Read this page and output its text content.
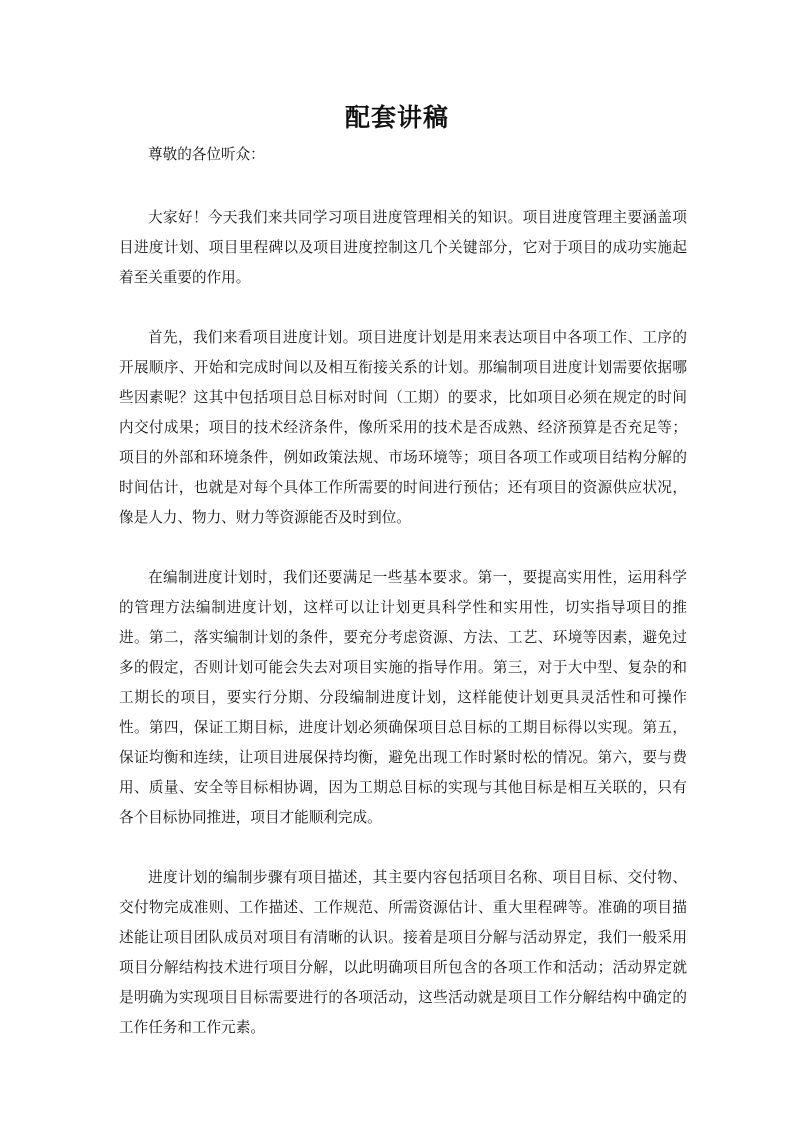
配套讲稿

尊敬的各位听众：

大家好！今天我们来共同学习项目进度管理相关的知识。项目进度管理主要涵盖项目进度计划、项目里程碑以及项目进度控制这几个关键部分，它对于项目的成功实施起着至关重要的作用。

首先，我们来看项目进度计划。项目进度计划是用来表达项目中各项工作、工序的开展顺序、开始和完成时间以及相互衔接关系的计划。那编制项目进度计划需要依据哪些因素呢？这其中包括项目总目标对时间（工期）的要求，比如项目必须在规定的时间内交付成果；项目的技术经济条件，像所采用的技术是否成熟、经济预算是否充足等；项目的外部和环境条件，例如政策法规、市场环境等；项目各项工作或项目结构分解的时间估计，也就是对每个具体工作所需要的时间进行预估；还有项目的资源供应状况，像是人力、物力、财力等资源能否及时到位。

在编制进度计划时，我们还要满足一些基本要求。第一，要提高实用性，运用科学的管理方法编制进度计划，这样可以让计划更具科学性和实用性，切实指导项目的推进。第二，落实编制计划的条件，要充分考虑资源、方法、工艺、环境等因素，避免过多的假定，否则计划可能会失去对项目实施的指导作用。第三，对于大中型、复杂的和工期长的项目，要实行分期、分段编制进度计划，这样能使计划更具灵活性和可操作性。第四，保证工期目标，进度计划必须确保项目总目标的工期目标得以实现。第五，保证均衡和连续，让项目进展保持均衡，避免出现工作时紧时松的情况。第六，要与费用、质量、安全等目标相协调，因为工期总目标的实现与其他目标是相互关联的，只有各个目标协同推进，项目才能顺利完成。

进度计划的编制步骤有项目描述，其主要内容包括项目名称、项目目标、交付物、交付物完成准则、工作描述、工作规范、所需资源估计、重大里程碑等。准确的项目描述能让项目团队成员对项目有清晰的认识。接着是项目分解与活动界定，我们一般采用项目分解结构技术进行项目分解，以此明确项目所包含的各项工作和活动；活动界定就是明确为实现项目目标需要进行的各项活动，这些活动就是项目工作分解结构中确定的工作任务和工作元素。
